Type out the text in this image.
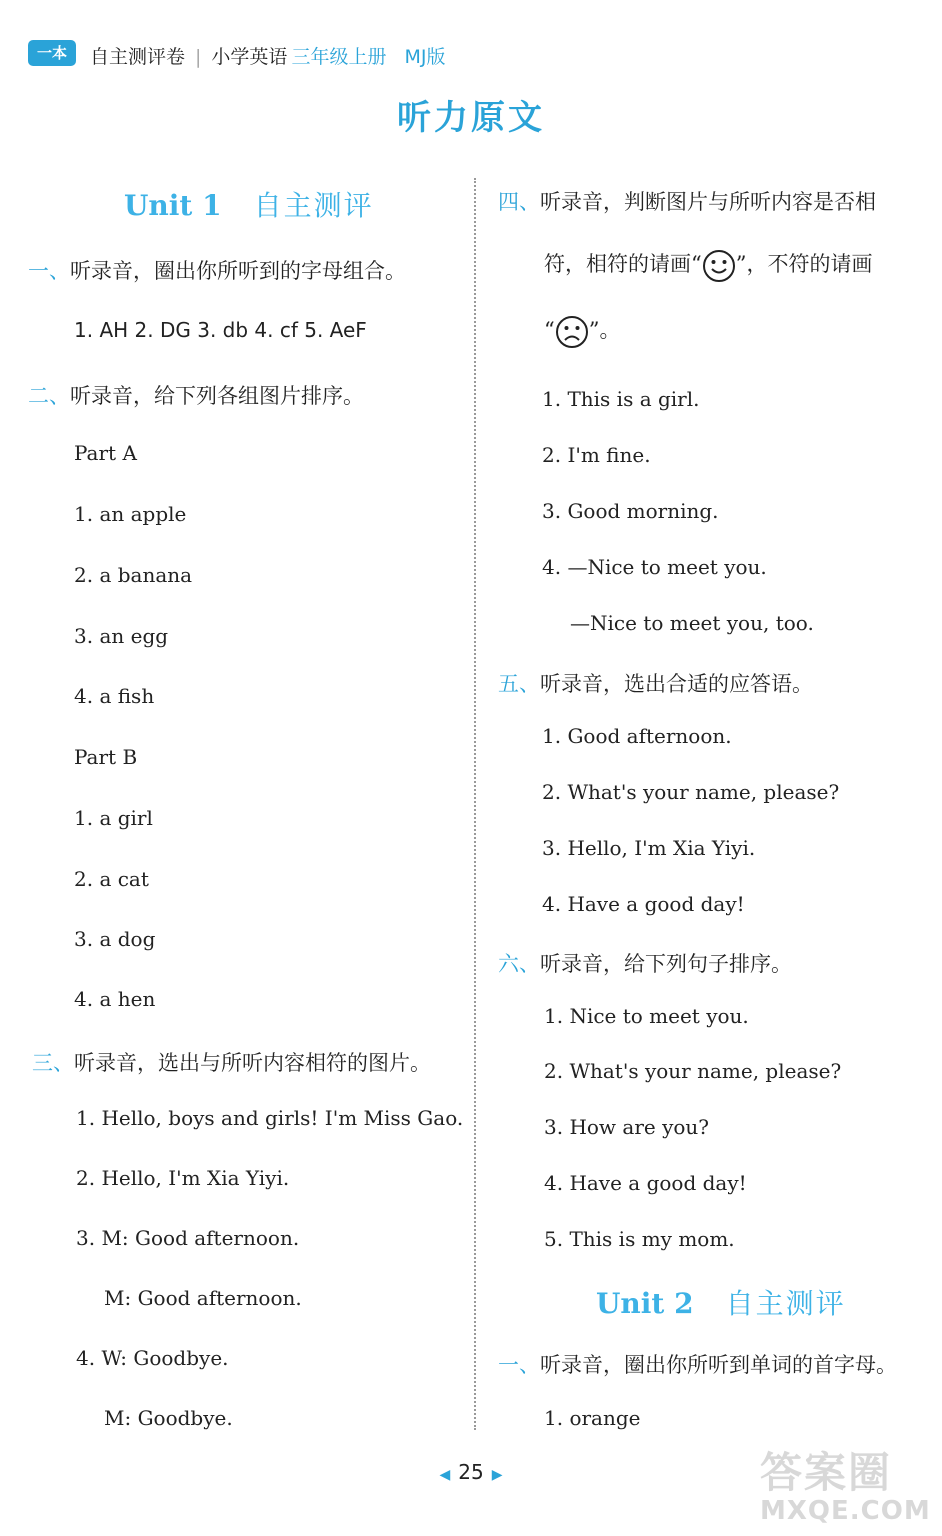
一本	自主测评卷 | 小学英语 三年级上册 MJ版
听力原文
Unit 1 自主测评
一、听录音，圈出你所听到的字母组合。
1. AH 2. DG 3. db 4. cf 5. AeF
二、听录音，给下列各组图片排序。
Part A
1. an apple
2. a banana
3. an egg
4. a fish
Part B
1. a girl
2. a cat
3. a dog
4. a hen
三、听录音，选出与所听内容相符的图片。
1. Hello, boys and girls! I'm Miss Gao.
2. Hello, I'm Xia Yiyi.
3. M: Good afternoon.
M: Good afternoon.
4. W: Goodbye.
M: Goodbye.
四、听录音，判断图片与所听内容是否相
符，相符的请画“ ”，不符的请画
“ ”。
1. This is a girl.
2. I'm fine.
3. Good morning.
4. —Nice to meet you.
—Nice to meet you, too.
五、听录音，选出合适的应答语。
1. Good afternoon.
2. What's your name, please?
3. Hello, I'm Xia Yiyi.
4. Have a good day!
六、听录音，给下列句子排序。
1. Nice to meet you.
2. What's your name, please?
3. How are you?
4. Have a good day!
5. This is my mom.
Unit 2 自主测评
一、听录音，圈出你所听到单词的首字母。
1. orange
◀ 25 ▶	答案圈
MXQE.COM
